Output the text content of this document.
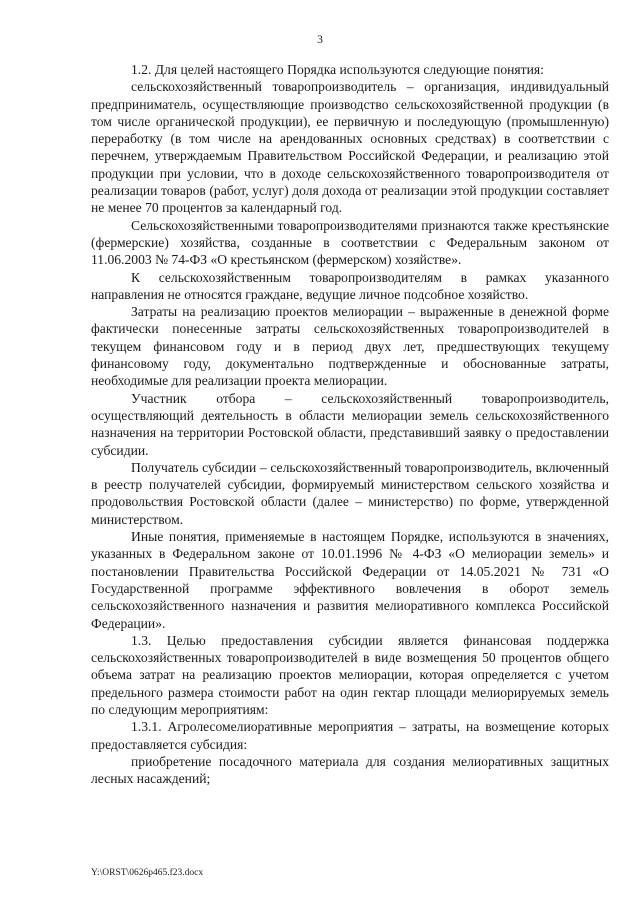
3

1.2. Для целей настоящего Порядка используются следующие понятия:

сельскохозяйственный товаропроизводитель – организация, индивидуальный предприниматель, осуществляющие производство сельскохозяйственной продукции (в том числе органической продукции), ее первичную и последующую (промышленную) переработку (в том числе на арендованных основных средствах) в соответствии с перечнем, утверждаемым Правительством Российской Федерации, и реализацию этой продукции при условии, что в доходе сельскохозяйственного товаропроизводителя от реализации товаров (работ, услуг) доля дохода от реализации этой продукции составляет не менее 70 процентов за календарный год.

Сельскохозяйственными товаропроизводителями признаются также крестьянские (фермерские) хозяйства, созданные в соответствии с Федеральным законом от 11.06.2003 № 74-ФЗ «О крестьянском (фермерском) хозяйстве».

К сельскохозяйственным товаропроизводителям в рамках указанного направления не относятся граждане, ведущие личное подсобное хозяйство.

Затраты на реализацию проектов мелиорации – выраженные в денежной форме фактически понесенные затраты сельскохозяйственных товаропроизводителей в текущем финансовом году и в период двух лет, предшествующих текущему финансовому году, документально подтвержденные и обоснованные затраты, необходимые для реализации проекта мелиорации.

Участник отбора – сельскохозяйственный товаропроизводитель, осуществляющий деятельность в области мелиорации земель сельскохозяйственного назначения на территории Ростовской области, представивший заявку о предоставлении субсидии.

Получатель субсидии – сельскохозяйственный товаропроизводитель, включенный в реестр получателей субсидии, формируемый министерством сельского хозяйства и продовольствия Ростовской области (далее – министерство) по форме, утвержденной министерством.

Иные понятия, применяемые в настоящем Порядке, используются в значениях, указанных в Федеральном законе от 10.01.1996 № 4-ФЗ «О мелиорации земель» и постановлении Правительства Российской Федерации от 14.05.2021 № 731 «О Государственной программе эффективного вовлечения в оборот земель сельскохозяйственного назначения и развития мелиоративного комплекса Российской Федерации».

1.3. Целью предоставления субсидии является финансовая поддержка сельскохозяйственных товаропроизводителей в виде возмещения 50 процентов общего объема затрат на реализацию проектов мелиорации, которая определяется с учетом предельного размера стоимости работ на один гектар площади мелиорируемых земель по следующим мероприятиям:

1.3.1. Агролесомелиоративные мероприятия – затраты, на возмещение которых предоставляется субсидия:

приобретение посадочного материала для создания мелиоративных защитных лесных насаждений;

Y:\ORST\0626p465.f23.docx
